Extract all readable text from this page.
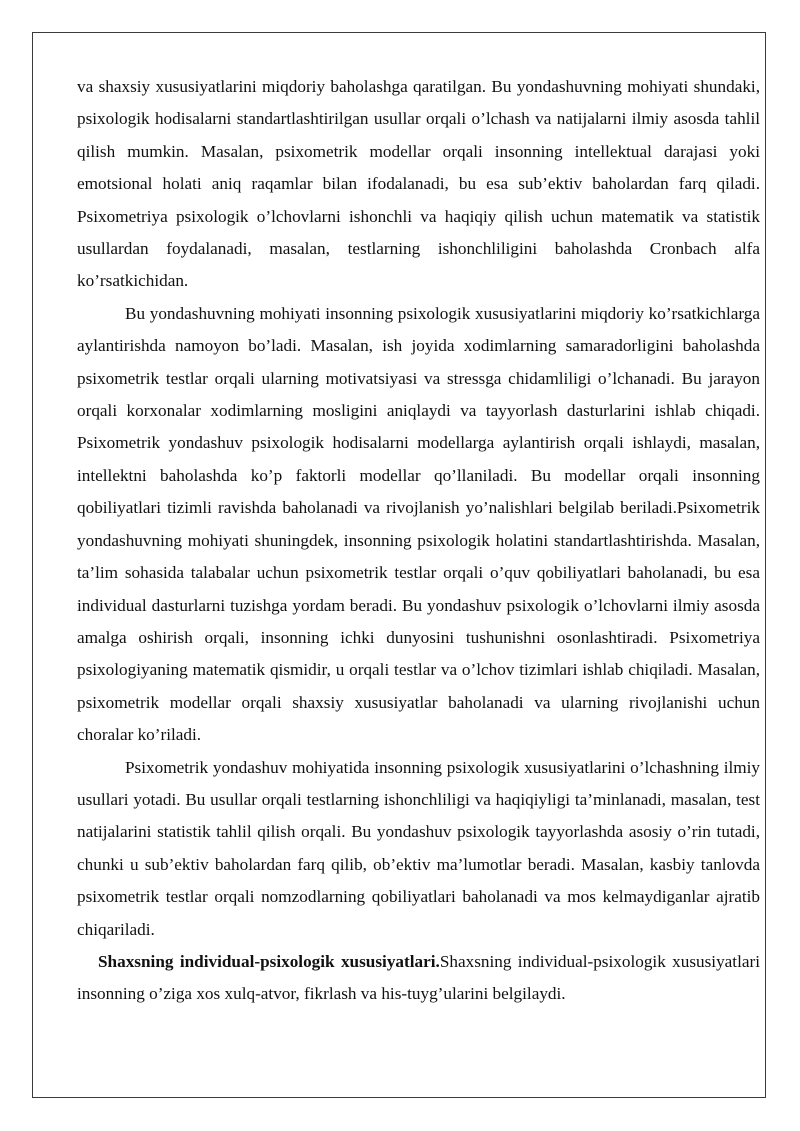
va shaxsiy xususiyatlarini miqdoriy baholashga qaratilgan. Bu yondashuvning mohiyati shundaki, psixologik hodisalarni standartlashtirilgan usullar orqali o’lchash va natijalarni ilmiy asosda tahlil qilish mumkin. Masalan, psixometrik modellar orqali insonning intellektual darajasi yoki emotsional holati aniq raqamlar bilan ifodalanadi, bu esa sub’ektiv baholardan farq qiladi. Psixometriya psixologik o’lchovlarni ishonchli va haqiqiy qilish uchun matematik va statistik usullardan foydalanadi, masalan, testlarning ishonchliligini baholashda Cronbach alfa ko’rsatkichidan.

Bu yondashuvning mohiyati insonning psixologik xususiyatlarini miqdoriy ko’rsatkichlarga aylantirishda namoyon bo’ladi. Masalan, ish joyida xodimlarning samaradorligini baholashda psixometrik testlar orqali ularning motivatsiyasi va stressga chidamliligi o’lchanadi. Bu jarayon orqali korxonalar xodimlarning mosligini aniqlaydi va tayyorlash dasturlarini ishlab chiqadi. Psixometrik yondashuv psixologik hodisalarni modellarga aylantirish orqali ishlaydi, masalan, intellektni baholashda ko’p faktorli modellar qo’llaniladi. Bu modellar orqali insonning qobiliyatlari tizimli ravishda baholanadi va rivojlanish yo’nalishlari belgilab beriladi.Psixometrik yondashuvning mohiyati shuningdek, insonning psixologik holatini standartlashtirishda. Masalan, ta’lim sohasida talabalar uchun psixometrik testlar orqali o’quv qobiliyatlari baholanadi, bu esa individual dasturlarni tuzishga yordam beradi. Bu yondashuv psixologik o’lchovlarni ilmiy asosda amalga oshirish orqali, insonning ichki dunyosini tushunishni osonlashtiradi. Psixometriya psixologiyaning matematik qismidir, u orqali testlar va o’lchov tizimlari ishlab chiqiladi. Masalan, psixometrik modellar orqali shaxsiy xususiyatlar baholanadi va ularning rivojlanishi uchun choralar ko’riladi.

Psixometrik yondashuv mohiyatida insonning psixologik xususiyatlarini o’lchashning ilmiy usullari yotadi. Bu usullar orqali testlarning ishonchliligi va haqiqiyligi ta’minlanadi, masalan, test natijalarini statistik tahlil qilish orqali. Bu yondashuv psixologik tayyorlashda asosiy o’rin tutadi, chunki u sub’ektiv baholardan farq qilib, ob’ektiv ma’lumotlar beradi. Masalan, kasbiy tanlovda psixometrik testlar orqali nomzodlarning qobiliyatlari baholanadi va mos kelmaydiganlar ajratib chiqariladi.

Shaxsning individual-psixologik xususiyatlari.Shaxsning individual-psixologik xususiyatlari insonning o’ziga xos xulq-atvor, fikrlash va his-tuyg’ularini belgilaydi.
